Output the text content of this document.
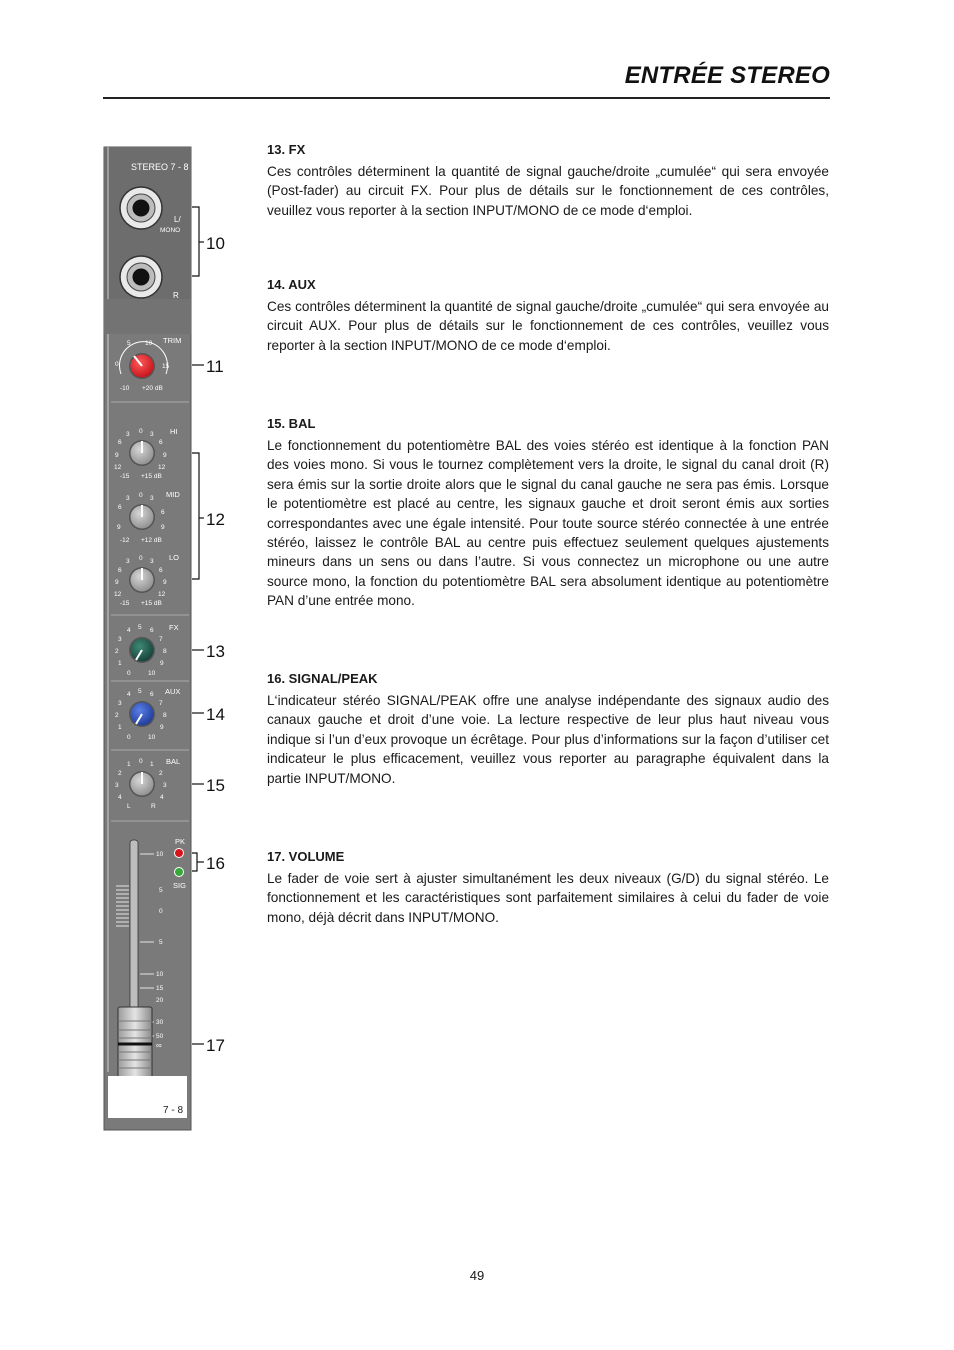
ENTRÉE STEREO
STEREO 7 - 8
L/
MONO
R
TRIM
5 10
0	15
-10 +20 dB
HI
0
3	3
6	6
9	9
12	12
-15 +15 dB
MID
0
3	3
6
6
9	9
-12 +12 dB
LO
0
3	3
6	6
9	9
12	12
-15 +15 dB
FX
5
4	6
3	7
2	8
1	9
0	10
AUX
5
4	6
3	7
2	8
1	9
0	10
BAL
0
1	1
2	2
3	3
4	4
L	R
PK
SIG
10
5
0
5
10
15
20
30
50
∞
7 - 8
10
11
12
13
14
15
16
17
13. FX

Ces contrôles déterminent la quantité de signal gauche/droite „cumulée“ qui sera envoyée (Post-fader) au circuit FX. Pour plus de détails sur le fonctionnement de ces contrôles, veuillez vous reporter à la section INPUT/MONO de ce mode d‘emploi.

14. AUX

Ces contrôles déterminent la quantité de signal gauche/droite „cumulée“ qui sera envoyée au circuit AUX. Pour plus de détails sur le fonctionnement de ces contrôles, veuillez vous reporter à la section INPUT/MONO de ce mode d‘emploi.

15. BAL

Le fonctionnement du potentiomètre BAL des voies stéréo est identique à la fonction PAN des voies mono. Si vous le tournez complètement vers la droite, le signal du canal droit (R) sera émis sur la sortie droite alors que le signal du canal gauche ne sera pas émis. Lorsque le potentiomètre est placé au centre, les signaux gauche et droit seront émis aux sorties correspondantes avec une égale intensité. Pour toute source stéréo connectée à une entrée stéréo, laissez le contrôle BAL au centre puis effectuez seulement quelques ajustements mineurs dans un sens ou dans l’autre. Si vous connectez un microphone ou une autre source mono, la fonction du potentiomètre BAL sera absolument identique au potentiomètre PAN d’une entrée mono.

16. SIGNAL/PEAK

L‘indicateur stéréo SIGNAL/PEAK offre une analyse indépendante des signaux audio des canaux gauche et droit d’une voie. La lecture respective de leur plus haut niveau vous indique si l’un d’eux provoque un écrêtage. Pour plus d’informations sur la façon d’utiliser cet indicateur le plus efficacement, veuillez vous reporter au paragraphe équivalent dans la partie INPUT/MONO.

17. VOLUME

Le fader de voie sert à ajuster simultanément les deux niveaux (G/D) du signal stéréo. Le fonctionnement et les caractéristiques sont parfaitement similaires à celui du fader de voie mono, déjà décrit dans INPUT/MONO.

49
